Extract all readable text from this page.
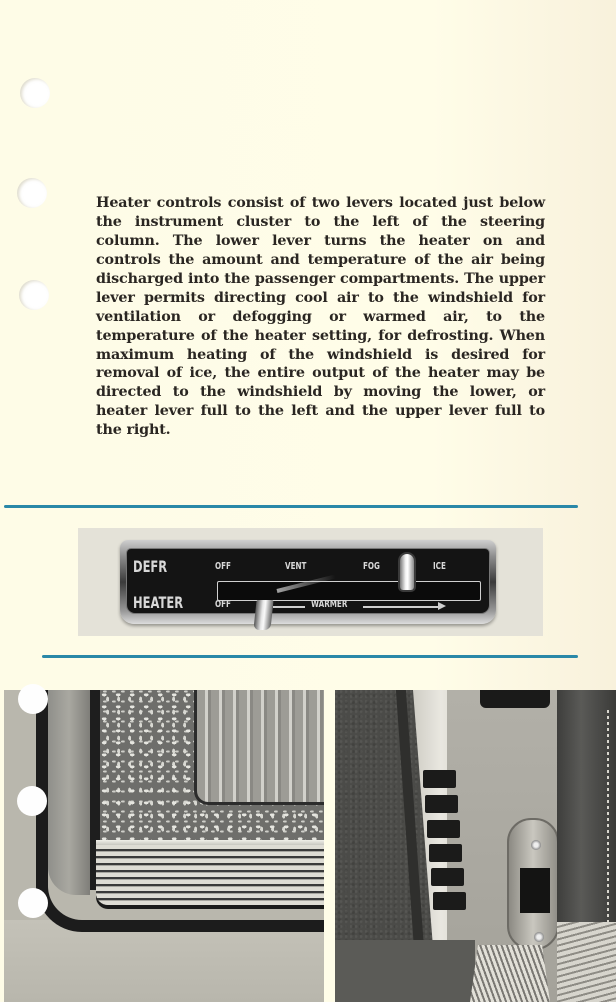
Heater controls consist of two levers located just below the instrument cluster to the left of the steering column. The lower lever turns the heater on and controls the amount and temperature of the air being discharged into the passenger compartments. The upper lever permits directing cool air to the windshield for ventilation or defogging or warmed air, to the temperature of the heater setting, for defrosting. When maximum heating of the windshield is desired for removal of ice, the entire output of the heater may be directed to the windshield by moving the lower, or heater lever full to the left and the upper lever full to the right.

DEFR
HEATER
OFF	VENT	FOG	ICE
OFF	WARMER
